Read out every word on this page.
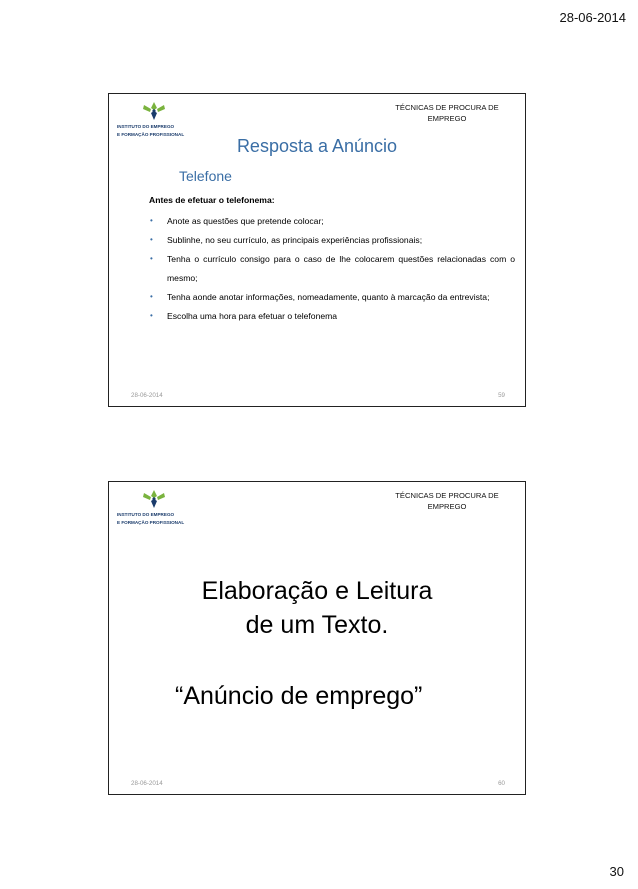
28-06-2014
INSTITUTO DO EMPREGO
E FORMAÇÃO PROFISSIONAL
TÉCNICAS DE PROCURA DE EMPREGO
Resposta a Anúncio
Telefone
Antes de efetuar o telefonema:
• Anote as questões que pretende colocar;
• Sublinhe, no seu currículo, as principais experiências profissionais;
• Tenha o currículo consigo para o caso de lhe colocarem questões relacionadas com o mesmo;
• Tenha aonde anotar informações, nomeadamente, quanto à marcação da entrevista;
• Escolha uma hora para efetuar o telefonema
28-06-2014	59
INSTITUTO DO EMPREGO
E FORMAÇÃO PROFISSIONAL
TÉCNICAS DE PROCURA DE EMPREGO
Elaboração e Leitura
de um Texto.
“Anúncio de emprego”
28-06-2014	60
30
